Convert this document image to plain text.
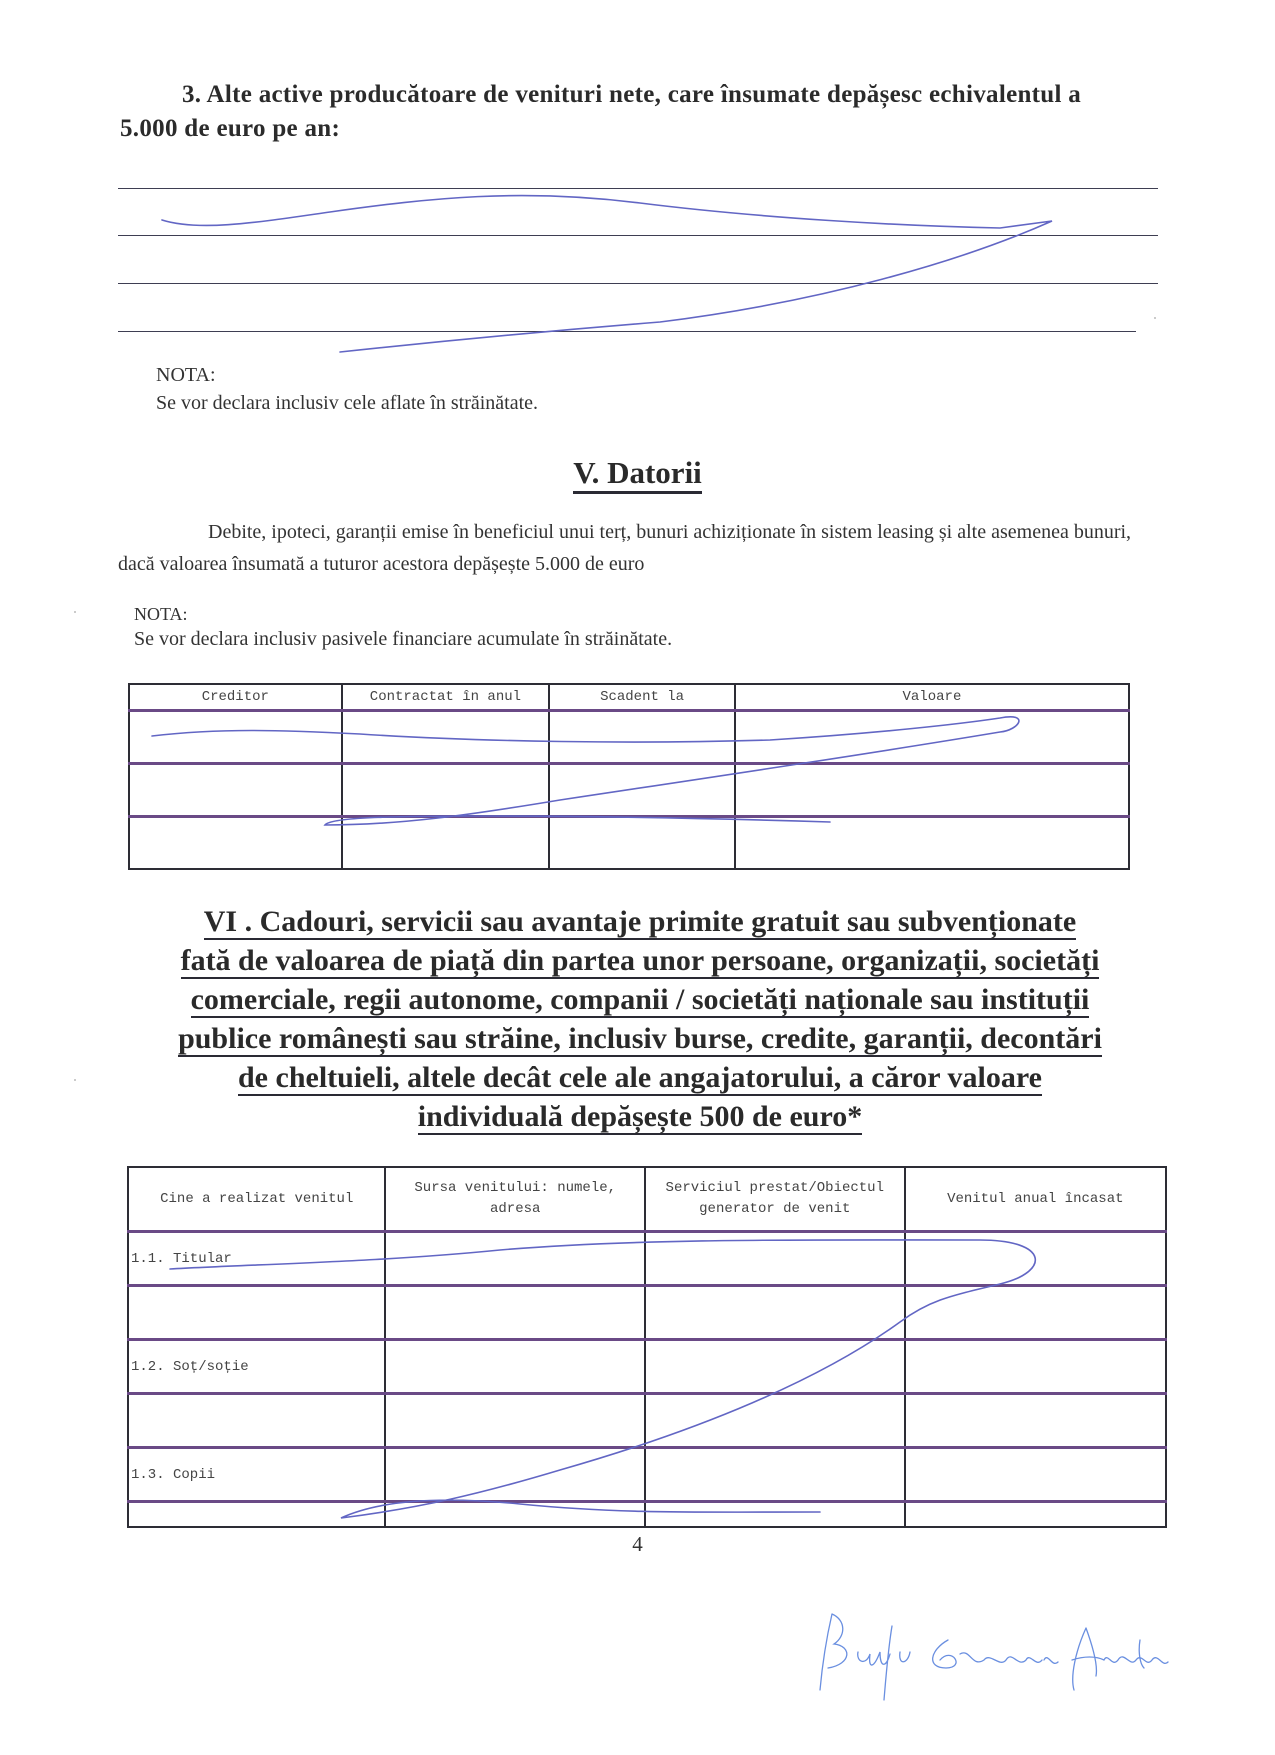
3. Alte active producătoare de venituri nete, care însumate depășesc echivalentul a 5.000 de euro pe an:
NOTA:
Se vor declara inclusiv cele aflate în străinătate.
V. Datorii
Debite, ipoteci, garanții emise în beneficiul unui terț, bunuri achiziționate în sistem leasing și alte asemenea bunuri, dacă valoarea însumată a tuturor acestora depășește 5.000 de euro
NOTA:
Se vor declara inclusiv pasivele financiare acumulate în străinătate.
Creditor	Contractat în anul	Scadent la	Valoare

VI . Cadouri, servicii sau avantaje primite gratuit sau subvenționate
fată de valoarea de piață din partea unor persoane, organizații, societăți
comerciale, regii autonome, companii / societăți naționale sau instituții
publice românești sau străine, inclusiv burse, credite, garanții, decontări
de cheltuieli, altele decât cele ale angajatorului, a căror valoare
individuală depășește 500 de euro*
Cine a realizat venitul	Sursa venitului: numele, adresa	Serviciul prestat/Obiectul generator de venit	Venitul anual încasat
1.1. Titular			

1.2. Soț/soție			

1.3. Copii			

4
